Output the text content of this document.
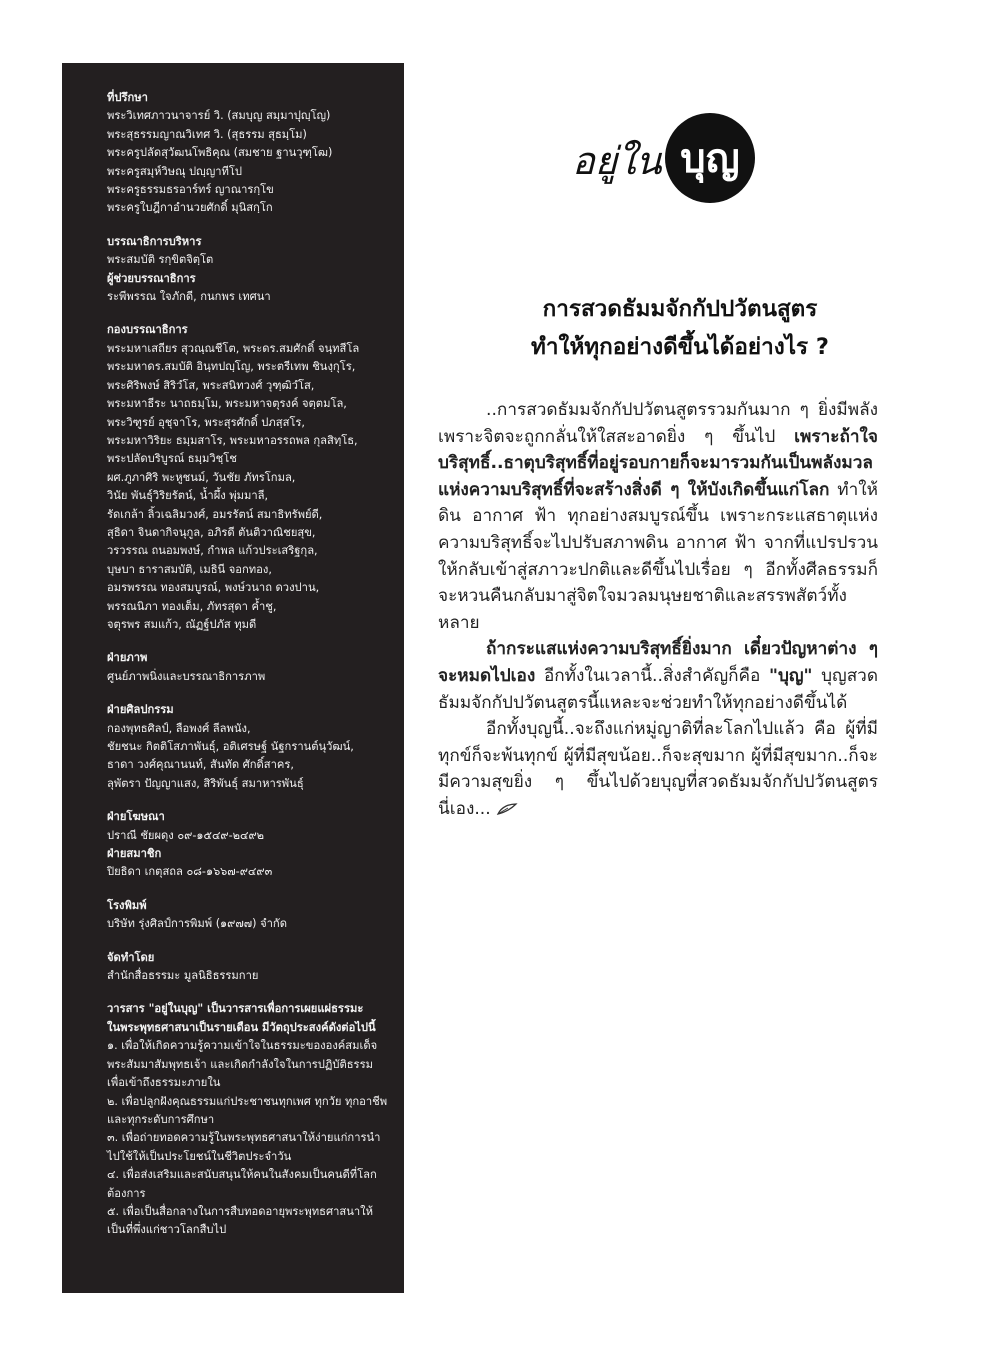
ที่ปรึกษา
พระวิเทศภาวนาจารย์ วิ. (สมบุญ สมฺมาปุญฺโญ)
พระสุธรรมญาณวิเทศ วิ. (สุธรรม สุธมฺโม)
พระครูปลัดสุวัฒนโพธิคุณ (สมชาย ฐานวุฑฺโฒ)
พระครูสมุห์วิษณุ ปญฺญาทีโป
พระครูธรรมธรอาร์ทร์ ญาณารกฺโข
พระครูใบฎีกาอำนวยศักดิ์ มุนิสกฺโก
บรรณาธิการบริหาร
พระสมบัติ รกฺขิตจิตฺโต
ผู้ช่วยบรรณาธิการ
ระพีพรรณ ใจภักดี, กนกพร เทศนา
กองบรรณาธิการ
พระมหาเสถียร สุวณฺณชีโต, พระดร.สมศักดิ์ จนฺทสีโล
พระมหาดร.สมบัติ อินฺทปญฺโญ, พระตรีเทพ ชินงฺกุโร,
พระศิริพงษ์ สิริวํโส, พระสนิทวงศ์ วุฑฺฒิวํโส,
พระมหาธีระ นาถธมฺโม, พระมหาจตุรงค์ จตฺตมโล,
พระวิฑูรย์ อุชุจาโร, พระสุรศักดิ์ ปภสฺสโร,
พระมหาวิริยะ ธมฺมสาโร, พระมหาอรรถพล กุลสิทฺโธ,
พระปลัดบริบูรณ์ ธมฺมวิชฺโช
ผศ.ภูภาศิริ พะหูชนม์, วันชัย ภัทรโกมล,
วินัย พันธุ์วิริยรัตน์, น้ำผึ้ง พุ่มมาลี,
รัดเกล้า ลิ้วเฉลิมวงศ์, อมรรัตน์ สมาธิทรัพย์ดี,
สุธิดา จินดากิจนุกูล, อภิรดี ตันติวาณิชยสุข,
วรวรรณ ถนอมพงษ์, กำพล แก้วประเสริฐกุล,
บุษบา ธาราสมบัติ, เมธินี จอกทอง,
อมรพรรณ ทองสมบูรณ์, พงษ์วนาถ ดวงปาน,
พรรณนิภา ทองเต็ม, ภัทรสุดา ค้ำชู,
จตุรพร สมแก้ว, ณัฏฐ์ปภัส ทุมดี
ฝ่ายภาพ
ศูนย์ภาพนิ่งและบรรณาธิการภาพ
ฝ่ายศิลปกรรม
กองพุทธศิลป์, ลือพงศ์ ลีลพนัง,
ชัยชนะ กิตติโสภาพันธุ์, อติเศรษฐ์ นัฐกรานต์นุวัฒน์,
ธาดา วงศ์คุณานนท์, สันทัด ศักดิ์สาคร,
ลุพัตรา ปัญญาแสง, สิริพันธุ์ สมาหารพันธุ์
ฝ่ายโฆษณา
ปราณี ชัยผดุง ๐๙-๑๕๔๙-๒๔๙๒
ฝ่ายสมาชิก
ปิยธิดา เกตุสถล ๐๘-๑๖๖๗-๙๔๙๓
โรงพิมพ์
บริษัท รุ่งศิลป์การพิมพ์ (๑๙๗๗) จำกัด
จัดทำโดย
สำนักสื่อธรรมะ มูลนิธิธรรมกาย
วารสาร "อยู่ในบุญ" เป็นวารสารเพื่อการเผยแผ่ธรรมะ
ในพระพุทธศาสนาเป็นรายเดือน มีวัตถุประสงค์ดังต่อไปนี้
๑. เพื่อให้เกิดความรู้ความเข้าใจในธรรมะขององค์สมเด็จพระสัมมาสัมพุทธเจ้า และเกิดกำลังใจในการปฏิบัติธรรมเพื่อเข้าถึงธรรมะภายใน
๒. เพื่อปลูกฝังคุณธรรมแก่ประชาชนทุกเพศ ทุกวัย ทุกอาชีพ และทุกระดับการศึกษา
๓. เพื่อถ่ายทอดความรู้ในพระพุทธศาสนาให้ง่ายแก่การนำไปใช้ให้เป็นประโยชน์ในชีวิตประจำวัน
๔. เพื่อส่งเสริมและสนับสนุนให้คนในสังคมเป็นคนดีที่โลกต้องการ
๕. เพื่อเป็นสื่อกลางในการสืบทอดอายุพระพุทธศาสนาให้เป็นที่พึ่งแก่ชาวโลกสืบไป
อยู่ใน บุญ
การสวดธัมมจักกัปปวัตนสูตร
ทำให้ทุกอย่างดีขึ้นได้อย่างไร ?

..การสวดธัมมจักกัปปวัตนสูตรรวมกันมาก ๆ ยิ่งมีพลัง เพราะจิตจะถูกกลั่นให้ใสสะอาดยิ่ง ๆ ขึ้นไป เพราะถ้าใจบริสุทธิ์..ธาตุบริสุทธิ์ที่อยู่รอบกายก็จะมารวมกันเป็นพลังมวลแห่งความบริสุทธิ์ที่จะสร้างสิ่งดี ๆ ให้บังเกิดขึ้นแก่โลก ทำให้ดิน อากาศ ฟ้า ทุกอย่างสมบูรณ์ขึ้น เพราะกระแสธาตุแห่งความบริสุทธิ์จะไปปรับสภาพดิน อากาศ ฟ้า จากที่แปรปรวนให้กลับเข้าสู่สภาวะปกติและดีขึ้นไปเรื่อย ๆ อีกทั้งศีลธรรมก็จะหวนคืนกลับมาสู่จิตใจมวลมนุษยชาติและสรรพสัตว์ทั้งหลาย

ถ้ากระแสแห่งความบริสุทธิ์ยิ่งมาก เดี๋ยวปัญหาต่าง ๆ จะหมดไปเอง อีกทั้งในเวลานี้..สิ่งสำคัญก็คือ "บุญ" บุญสวดธัมมจักกัปปวัตนสูตรนี้แหละจะช่วยทำให้ทุกอย่างดีขึ้นได้

อีกทั้งบุญนี้..จะถึงแก่หมู่ญาติที่ละโลกไปแล้ว คือ ผู้ที่มีทุกข์ก็จะพ้นทุกข์ ผู้ที่มีสุขน้อย..ก็จะสุขมาก ผู้ที่มีสุขมาก..ก็จะมีความสุขยิ่ง ๆ ขึ้นไปด้วยบุญที่สวดธัมมจักกัปปวัตนสูตรนี่เอง...
